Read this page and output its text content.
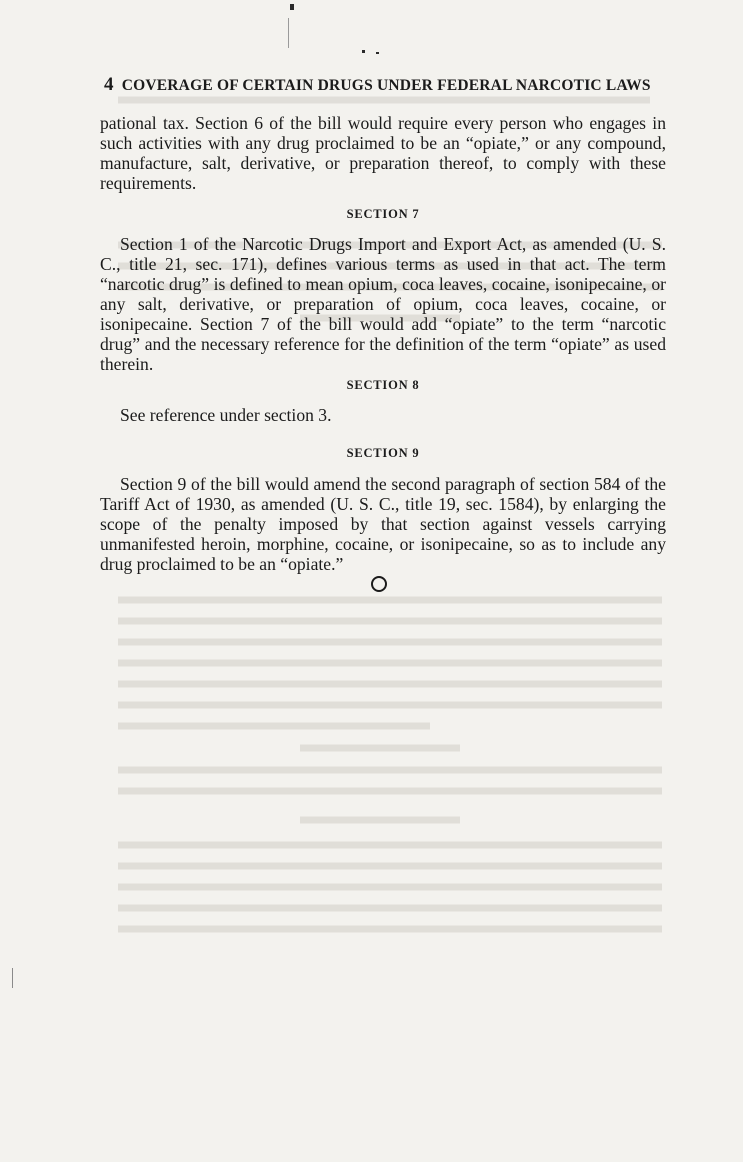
4 COVERAGE OF CERTAIN DRUGS UNDER FEDERAL NARCOTIC LAWS
pational tax. Section 6 of the bill would require every person who engages in such activities with any drug proclaimed to be an “opiate,” or any compound, manufacture, salt, derivative, or preparation thereof, to comply with these requirements.
SECTION 7
Section 1 of the Narcotic Drugs Import and Export Act, as amended (U. S. C., title 21, sec. 171), defines various terms as used in that act. The term “narcotic drug” is defined to mean opium, coca leaves, cocaine, isonipecaine, or any salt, derivative, or preparation of opium, coca leaves, cocaine, or isonipecaine. Section 7 of the bill would add “opiate” to the term “narcotic drug” and the necessary reference for the definition of the term “opiate” as used therein.
SECTION 8
See reference under section 3.
SECTION 9
Section 9 of the bill would amend the second paragraph of section 584 of the Tariff Act of 1930, as amended (U. S. C., title 19, sec. 1584), by enlarging the scope of the penalty imposed by that section against vessels carrying unmanifested heroin, morphine, cocaine, or isonipecaine, so as to include any drug proclaimed to be an “opiate.”
